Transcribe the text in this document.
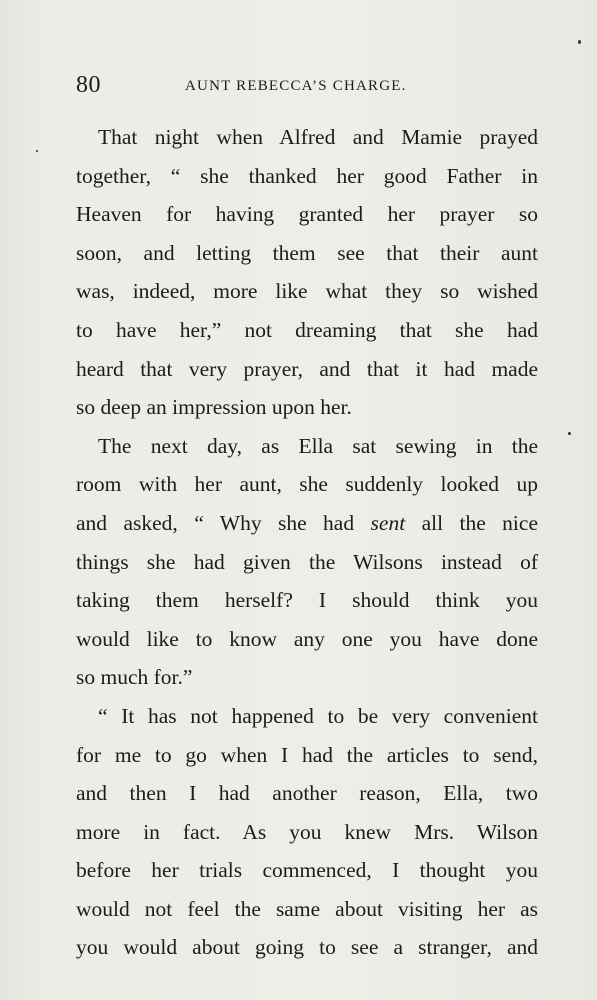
80	AUNT REBECCA’S CHARGE.
That night when Alfred and Mamie prayed
together, “ she thanked her good Father in
Heaven for having granted her prayer so
soon, and letting them see that their aunt
was, indeed, more like what they so wished
to have her,” not dreaming that she had
heard that very prayer, and that it had made
so deep an impression upon her.
The next day, as Ella sat sewing in the
room with her aunt, she suddenly looked up
and asked, “ Why she had sent all the nice
things she had given the Wilsons instead of
taking them herself? I should think you
would like to know any one you have done
so much for.”
“ It has not happened to be very convenient
for me to go when I had the articles to send,
and then I had another reason, Ella, two
more in fact. As you knew Mrs. Wilson
before her trials commenced, I thought you
would not feel the same about visiting her as
you would about going to see a stranger, and
